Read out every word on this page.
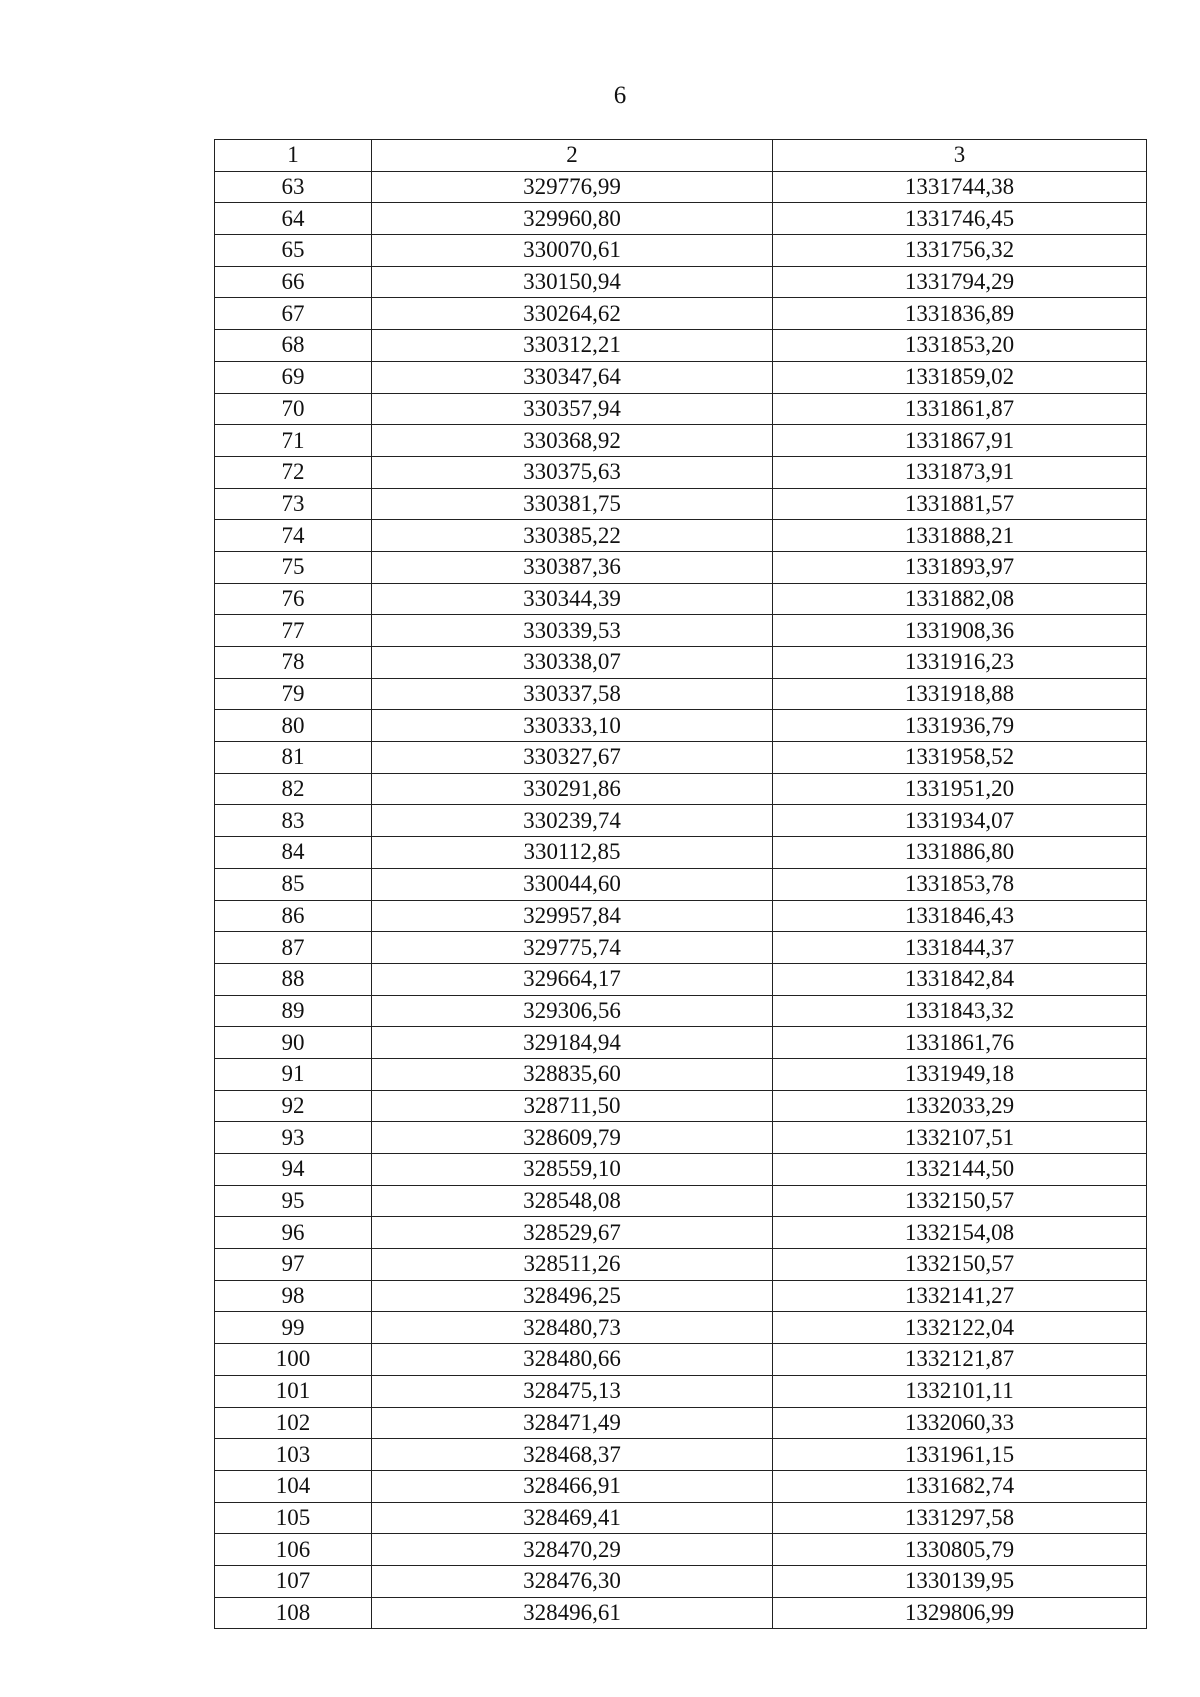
6
1	2	3
63	329776,99	1331744,38
64	329960,80	1331746,45
65	330070,61	1331756,32
66	330150,94	1331794,29
67	330264,62	1331836,89
68	330312,21	1331853,20
69	330347,64	1331859,02
70	330357,94	1331861,87
71	330368,92	1331867,91
72	330375,63	1331873,91
73	330381,75	1331881,57
74	330385,22	1331888,21
75	330387,36	1331893,97
76	330344,39	1331882,08
77	330339,53	1331908,36
78	330338,07	1331916,23
79	330337,58	1331918,88
80	330333,10	1331936,79
81	330327,67	1331958,52
82	330291,86	1331951,20
83	330239,74	1331934,07
84	330112,85	1331886,80
85	330044,60	1331853,78
86	329957,84	1331846,43
87	329775,74	1331844,37
88	329664,17	1331842,84
89	329306,56	1331843,32
90	329184,94	1331861,76
91	328835,60	1331949,18
92	328711,50	1332033,29
93	328609,79	1332107,51
94	328559,10	1332144,50
95	328548,08	1332150,57
96	328529,67	1332154,08
97	328511,26	1332150,57
98	328496,25	1332141,27
99	328480,73	1332122,04
100	328480,66	1332121,87
101	328475,13	1332101,11
102	328471,49	1332060,33
103	328468,37	1331961,15
104	328466,91	1331682,74
105	328469,41	1331297,58
106	328470,29	1330805,79
107	328476,30	1330139,95
108	328496,61	1329806,99
